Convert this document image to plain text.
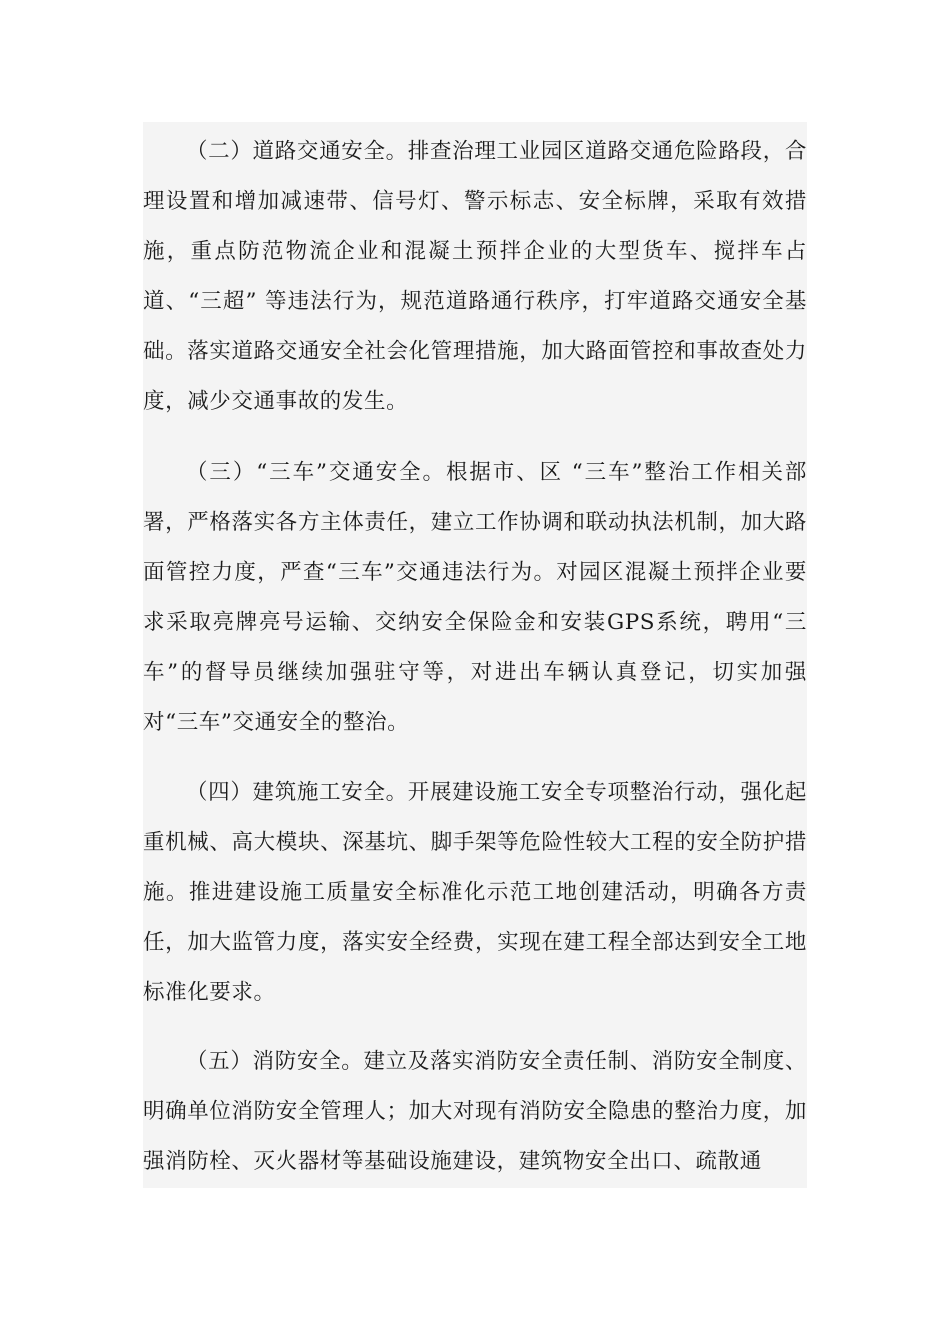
（二）道路交通安全。排查治理工业园区道路交通危险路段，合理设置和增加减速带、信号灯、警示标志、安全标牌，采取有效措施，重点防范物流企业和混凝土预拌企业的大型货车、搅拌车占道、“三超” 等违法行为，规范道路通行秩序，打牢道路交通安全基础。落实道路交通安全社会化管理措施，加大路面管控和事故查处力度，减少交通事故的发生。

（三）“三车”交通安全。根据市、区 “三车”整治工作相关部署，严格落实各方主体责任，建立工作协调和联动执法机制，加大路面管控力度，严查“三车”交通违法行为。对园区混凝土预拌企业要求采取亮牌亮号运输、交纳安全保险金和安装GPS系统，聘用“三车”的督导员继续加强驻守等，对进出车辆认真登记，切实加强对“三车”交通安全的整治。

（四）建筑施工安全。开展建设施工安全专项整治行动，强化起重机械、高大模块、深基坑、脚手架等危险性较大工程的安全防护措施。推进建设施工质量安全标准化示范工地创建活动，明确各方责任，加大监管力度，落实安全经费，实现在建工程全部达到安全工地标准化要求。

（五）消防安全。建立及落实消防安全责任制、消防安全制度、明确单位消防安全管理人；加大对现有消防安全隐患的整治力度，加强消防栓、灭火器材等基础设施建设，建筑物安全出口、疏散通
